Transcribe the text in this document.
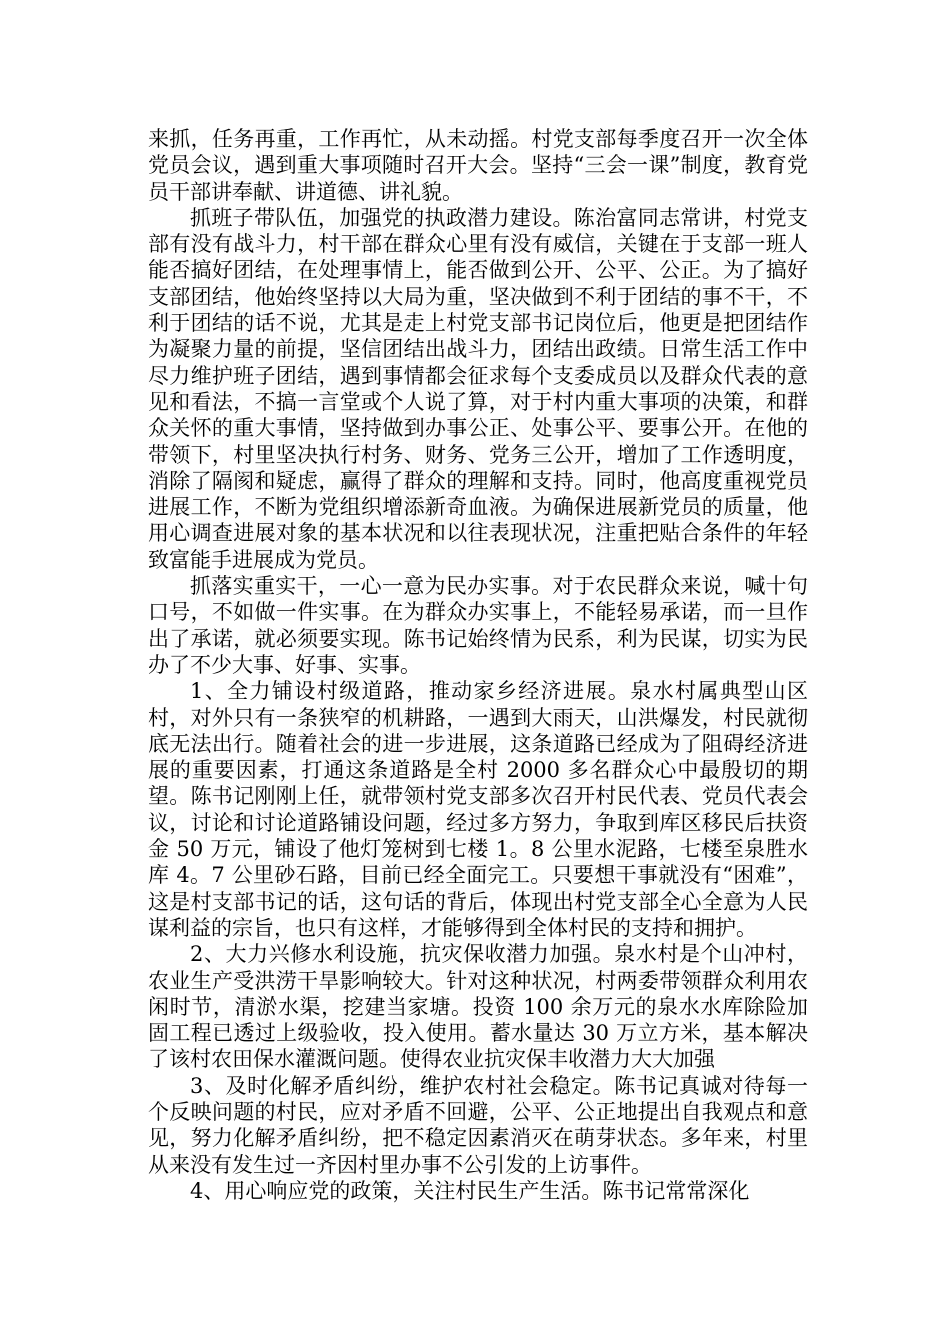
来抓，任务再重，工作再忙，从未动摇。村党支部每季度召开一次全体党员会议，遇到重大事项随时召开大会。坚持“三会一课”制度，教育党员干部讲奉献、讲道德、讲礼貌。

抓班子带队伍，加强党的执政潜力建设。陈治富同志常讲，村党支部有没有战斗力，村干部在群众心里有没有威信，关键在于支部一班人能否搞好团结，在处理事情上，能否做到公开、公平、公正。为了搞好支部团结，他始终坚持以大局为重，坚决做到不利于团结的事不干，不利于团结的话不说，尤其是走上村党支部书记岗位后，他更是把团结作为凝聚力量的前提，坚信团结出战斗力，团结出政绩。日常生活工作中尽力维护班子团结，遇到事情都会征求每个支委成员以及群众代表的意见和看法，不搞一言堂或个人说了算，对于村内重大事项的决策，和群众关怀的重大事情，坚持做到办事公正、处事公平、要事公开。在他的带领下，村里坚决执行村务、财务、党务三公开，增加了工作透明度，消除了隔阂和疑虑，赢得了群众的理解和支持。同时，他高度重视党员进展工作，不断为党组织增添新奇血液。为确保进展新党员的质量，他用心调查进展对象的基本状况和以往表现状况，注重把贴合条件的年轻致富能手进展成为党员。

抓落实重实干，一心一意为民办实事。对于农民群众来说，喊十句口号，不如做一件实事。在为群众办实事上，不能轻易承诺，而一旦作出了承诺，就必须要实现。陈书记始终情为民系，利为民谋，切实为民办了不少大事、好事、实事。

1、全力铺设村级道路，推动家乡经济进展。泉水村属典型山区村，对外只有一条狭窄的机耕路，一遇到大雨天，山洪爆发，村民就彻底无法出行。随着社会的进一步进展，这条道路已经成为了阻碍经济进展的重要因素，打通这条道路是全村 2000 多名群众心中最殷切的期望。陈书记刚刚上任，就带领村党支部多次召开村民代表、党员代表会议，讨论和讨论道路铺设问题，经过多方努力，争取到库区移民后扶资金 50 万元，铺设了他灯笼树到七楼 1。8 公里水泥路，七楼至泉胜水库 4。7 公里砂石路，目前已经全面完工。只要想干事就没有“困难”，这是村支部书记的话，这句话的背后，体现出村党支部全心全意为人民谋利益的宗旨，也只有这样，才能够得到全体村民的支持和拥护。

2、大力兴修水利设施，抗灾保收潜力加强。泉水村是个山冲村，农业生产受洪涝干旱影响较大。针对这种状况，村两委带领群众利用农闲时节，清淤水渠，挖建当家塘。投资 100 余万元的泉水水库除险加固工程已透过上级验收，投入使用。蓄水量达 30 万立方米，基本解决了该村农田保水灌溉问题。使得农业抗灾保丰收潜力大大加强

3、及时化解矛盾纠纷，维护农村社会稳定。陈书记真诚对待每一个反映问题的村民，应对矛盾不回避，公平、公正地提出自我观点和意见，努力化解矛盾纠纷，把不稳定因素消灭在萌芽状态。多年来，村里从来没有发生过一齐因村里办事不公引发的上访事件。

4、用心响应党的政策，关注村民生产生活。陈书记常常深化
